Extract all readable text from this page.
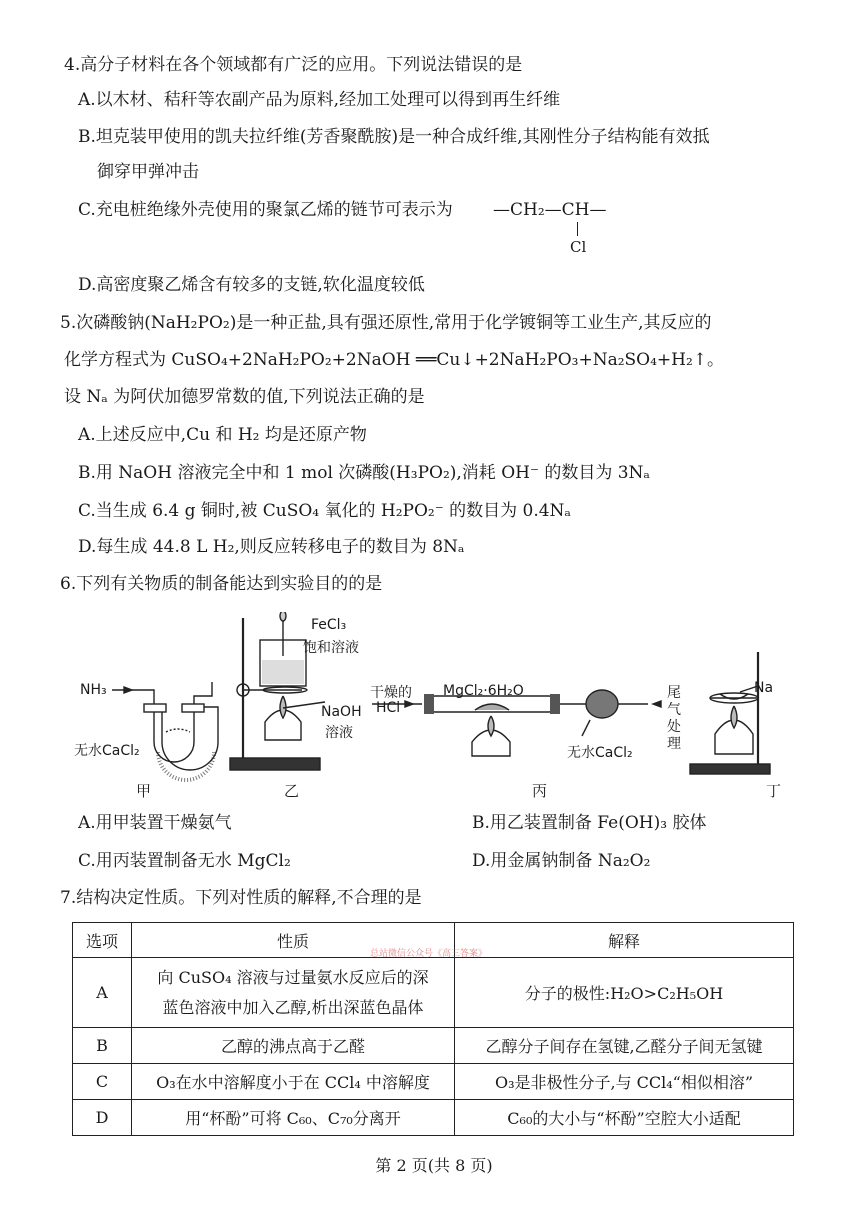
4.高分子材料在各个领域都有广泛的应用。下列说法错误的是
A.以木材、秸秆等农副产品为原料,经加工处理可以得到再生纤维
B.坦克装甲使用的凯夫拉纤维(芳香聚酰胺)是一种合成纤维,其刚性分子结构能有效抵
御穿甲弹冲击
C.充电桩绝缘外壳使用的聚氯乙烯的链节可表示为 —CH₂—CH—
Cl
D.高密度聚乙烯含有较多的支链,软化温度较低
5.次磷酸钠(NaH₂PO₂)是一种正盐,具有强还原性,常用于化学镀铜等工业生产,其反应的
化学方程式为 CuSO₄+2NaH₂PO₂+2NaOH ══Cu↓+2NaH₂PO₃+Na₂SO₄+H₂↑。
设 Nₐ 为阿伏加德罗常数的值,下列说法正确的是
A.上述反应中,Cu 和 H₂ 均是还原产物
B.用 NaOH 溶液完全中和 1 mol 次磷酸(H₃PO₂),消耗 OH⁻ 的数目为 3Nₐ
C.当生成 6.4 g 铜时,被 CuSO₄ 氧化的 H₂PO₂⁻ 的数目为 0.4Nₐ
D.每生成 44.8 L H₂,则反应转移电子的数目为 8Nₐ
6.下列有关物质的制备能达到实验目的的是
NH₃
无水CaCl₂
FeCl₃
饱和溶液
NaOH
溶液
干燥的
HCl
MgCl₂·6H₂O
无水CaCl₂
尾
气
处
理
Na
甲	乙	丙	丁
A.用甲装置干燥氨气	B.用乙装置制备 Fe(OH)₃ 胶体
C.用丙装置制备无水 MgCl₂	D.用金属钠制备 Na₂O₂
7.结构决定性质。下列对性质的解释,不合理的是
选项	性质	解释
A	向 CuSO₄ 溶液与过量氨水反应后的深
蓝色溶液中加入乙醇,析出深蓝色晶体	分子的极性:H₂O>C₂H₅OH
B	乙醇的沸点高于乙醛	乙醇分子间存在氢键,乙醛分子间无氢键
C	O₃在水中溶解度小于在 CCl₄ 中溶解度	O₃是非极性分子,与 CCl₄“相似相溶”
D	用“杯酚”可将 C₆₀、C₇₀分离开	C₆₀的大小与“杯酚”空腔大小适配
总站微信公众号《高三答案》
第 2 页(共 8 页)
